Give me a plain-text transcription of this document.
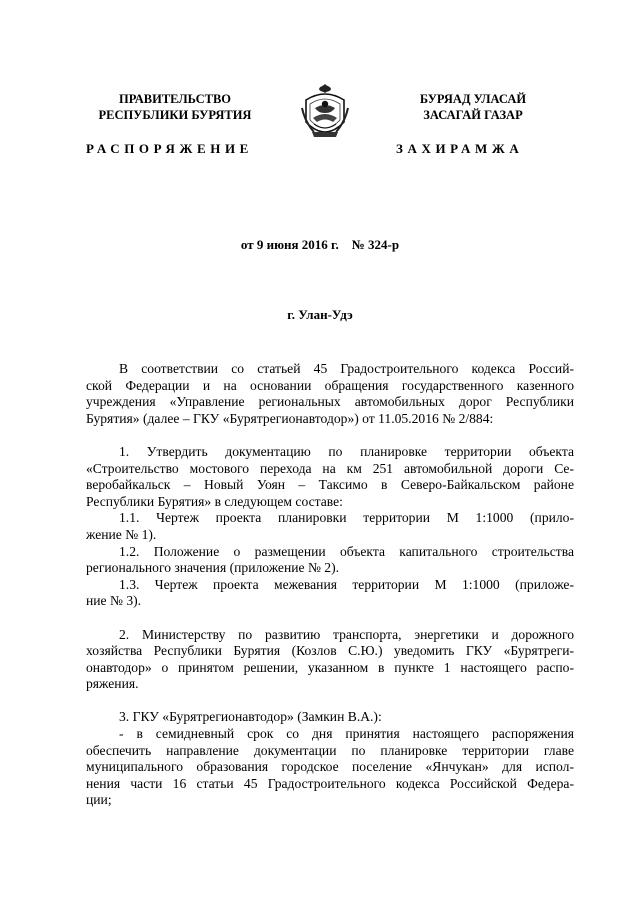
ПРАВИТЕЛЬСТВО
РЕСПУБЛИКИ БУРЯТИЯ
БУРЯАД УЛАСАЙ
ЗАСАГАЙ ГАЗАР
РАСПОРЯЖЕНИЕ	ЗАХИРАМЖА
от 9 июня 2016 г.    № 324-р
г. Улан-Удэ
В соответствии со статьей 45 Градостроительного кодекса Россий-
ской Федерации и на основании обращения государственного казенного
учреждения «Управление региональных автомобильных дорог Республики
Бурятия» (далее – ГКУ «Бурятрегионавтодор») от 11.05.2016 № 2/884:
1. Утвердить документацию по планировке территории объекта
«Строительство мостового перехода на км 251 автомобильной дороги Се-
веробайкальск – Новый Уоян – Таксимо в Северо-Байкальском районе
Республики Бурятия» в следующем составе:
1.1. Чертеж проекта планировки территории М 1:1000 (прило-
жение № 1).
1.2. Положение о размещении объекта капитального строительства
регионального значения (приложение № 2).
1.3. Чертеж проекта межевания территории М 1:1000 (приложе-
ние № 3).
2. Министерству по развитию транспорта, энергетики и дорожного
хозяйства Республики Бурятия (Козлов С.Ю.) уведомить ГКУ «Бурятреги-
онавтодор» о принятом решении, указанном в пункте 1 настоящего распо-
ряжения.
3. ГКУ «Бурятрегионавтодор» (Замкин В.А.):
- в семидневный срок со дня принятия настоящего распоряжения
обеспечить направление документации по планировке территории главе
муниципального образования городское поселение «Янчукан» для испол-
нения части 16 статьи 45 Градостроительного кодекса Российской Федера-
ции;
